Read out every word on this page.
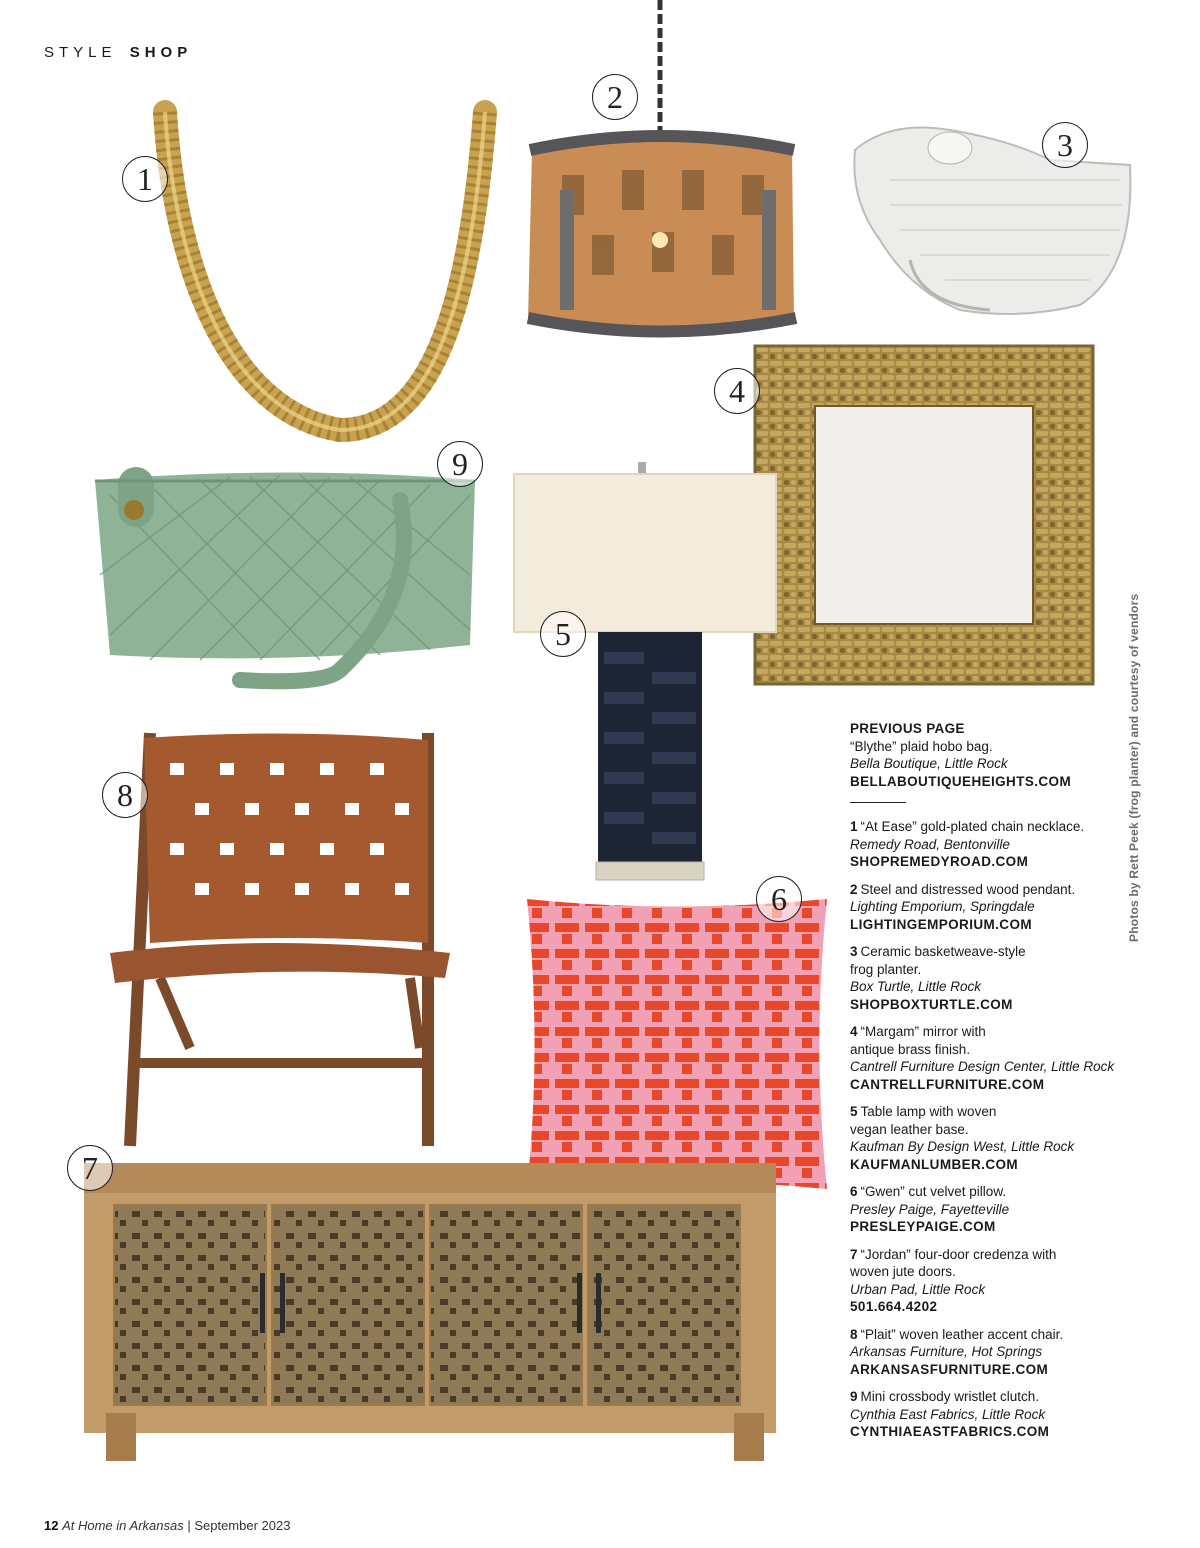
STYLE SHOP
1
2
3
4
5
6
7
8
9
PREVIOUS PAGE
“Blythe” plaid hobo bag.
Bella Boutique, Little Rock
BELLABOUTIQUEHEIGHTS.COM
1 “At Ease” gold-plated chain necklace.
Remedy Road, Bentonville
SHOPREMEDYROAD.COM
2 Steel and distressed wood pendant.
Lighting Emporium, Springdale
LIGHTINGEMPORIUM.COM
3 Ceramic basketweave-style frog planter.
Box Turtle, Little Rock
SHOPBOXTURTLE.COM
4 “Margam” mirror with antique brass finish.
Cantrell Furniture Design Center, Little Rock
CANTRELLFURNITURE.COM
5 Table lamp with woven vegan leather base.
Kaufman By Design West, Little Rock
KAUFMANLUMBER.COM
6 “Gwen” cut velvet pillow.
Presley Paige, Fayetteville
PRESLEYPAIGE.COM
7 “Jordan” four-door credenza with woven jute doors.
Urban Pad, Little Rock
501.664.4202
8 “Plait” woven leather accent chair.
Arkansas Furniture, Hot Springs
ARKANSASFURNITURE.COM
9 Mini crossbody wristlet clutch.
Cynthia East Fabrics, Little Rock
CYNTHIAEASTFABRICS.COM
Photos by Rett Peek (frog planter) and courtesy of vendors
12 At Home in Arkansas | September 2023
